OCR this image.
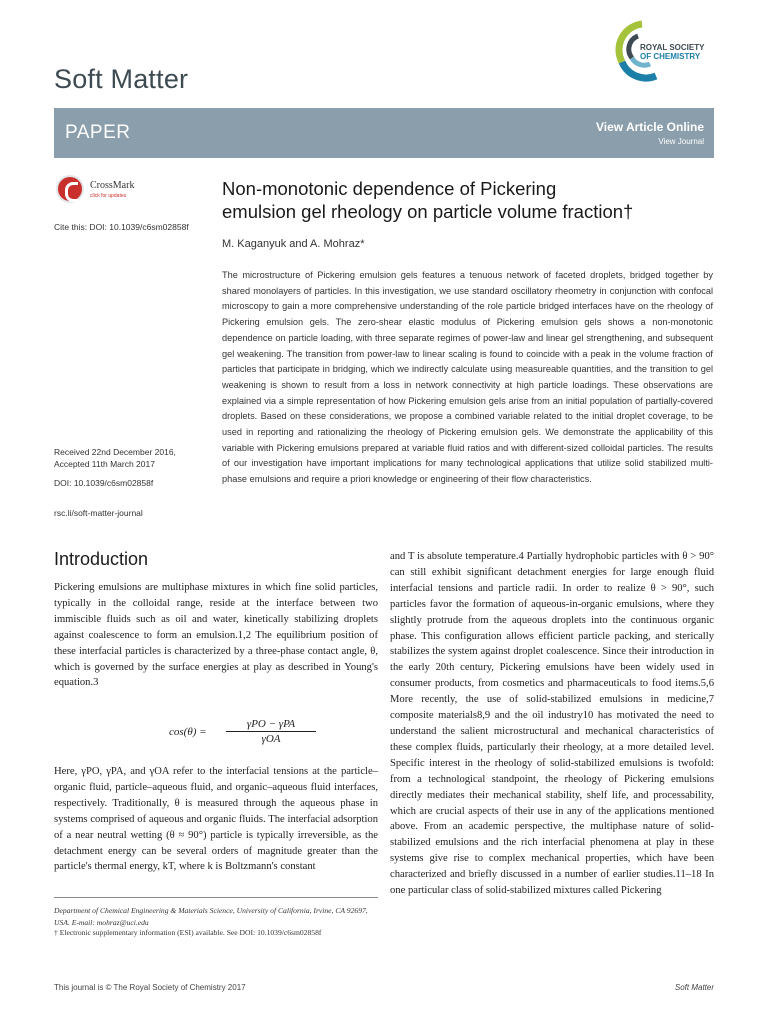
Soft Matter
ROYAL SOCIETY
OF CHEMISTRY
PAPER	View Article Online
View Journal
CrossMark
click for updates
Cite this: DOI: 10.1039/c6sm02858f
Received 22nd December 2016,
Accepted 11th March 2017
DOI: 10.1039/c6sm02858f
rsc.li/soft-matter-journal
Non-monotonic dependence of Pickering
emulsion gel rheology on particle volume fraction†
M. Kaganyuk and A. Mohraz*
The microstructure of Pickering emulsion gels features a tenuous network of faceted droplets, bridged together by shared monolayers of particles. In this investigation, we use standard oscillatory rheometry in conjunction with confocal microscopy to gain a more comprehensive understanding of the role particle bridged interfaces have on the rheology of Pickering emulsion gels. The zero-shear elastic modulus of Pickering emulsion gels shows a non-monotonic dependence on particle loading, with three separate regimes of power-law and linear gel strengthening, and subsequent gel weakening. The transition from power-law to linear scaling is found to coincide with a peak in the volume fraction of particles that participate in bridging, which we indirectly calculate using measureable quantities, and the transition to gel weakening is shown to result from a loss in network connectivity at high particle loadings. These observations are explained via a simple representation of how Pickering emulsion gels arise from an initial population of partially-covered droplets. Based on these considerations, we propose a combined variable related to the initial droplet coverage, to be used in reporting and rationalizing the rheology of Pickering emulsion gels. We demonstrate the applicability of this variable with Pickering emulsions prepared at variable fluid ratios and with different-sized colloidal particles. The results of our investigation have important implications for many technological applications that utilize solid stabilized multi-phase emulsions and require a priori knowledge or engineering of their flow characteristics.
Introduction
Pickering emulsions are multiphase mixtures in which fine solid particles, typically in the colloidal range, reside at the interface between two immiscible fluids such as oil and water, kinetically stabilizing droplets against coalescence to form an emulsion.1,2 The equilibrium position of these interfacial particles is characterized by a three-phase contact angle, θ, which is governed by the surface energies at play as described in Young's equation.3
cos(θ) =
γPO − γPA
γOA
Here, γPO, γPA, and γOA refer to the interfacial tensions at the particle–organic fluid, particle–aqueous fluid, and organic–aqueous fluid interfaces, respectively. Traditionally, θ is measured through the aqueous phase in systems comprised of aqueous and organic fluids. The interfacial adsorption of a near neutral wetting (θ ≈ 90°) particle is typically irreversible, as the detachment energy can be several orders of magnitude greater than the particle's thermal energy, kT, where k is Boltzmann's constant
Department of Chemical Engineering & Materials Science, University of California, Irvine, CA 92697, USA. E-mail: mohraz@uci.edu
† Electronic supplementary information (ESI) available. See DOI: 10.1039/c6sm02858f
and T is absolute temperature.4 Partially hydrophobic particles with θ > 90° can still exhibit significant detachment energies for large enough fluid interfacial tensions and particle radii. In order to realize θ > 90°, such particles favor the formation of aqueous-in-organic emulsions, where they slightly protrude from the aqueous droplets into the continuous organic phase. This configuration allows efficient particle packing, and sterically stabilizes the system against droplet coalescence. Since their introduction in the early 20th century, Pickering emulsions have been widely used in consumer products, from cosmetics and pharmaceuticals to food items.5,6 More recently, the use of solid-stabilized emulsions in medicine,7 composite materials8,9 and the oil industry10 has motivated the need to understand the salient microstructural and mechanical characteristics of these complex fluids, particularly their rheology, at a more detailed level. Specific interest in the rheology of solid-stabilized emulsions is twofold: from a technological standpoint, the rheology of Pickering emulsions directly mediates their mechanical stability, shelf life, and processability, which are crucial aspects of their use in any of the applications mentioned above. From an academic perspective, the multiphase nature of solid-stabilized emulsions and the rich interfacial phenomena at play in these systems give rise to complex mechanical properties, which have been characterized and briefly discussed in a number of earlier studies.11–18 In one particular class of solid-stabilized mixtures called Pickering
This journal is © The Royal Society of Chemistry 2017	Soft Matter
